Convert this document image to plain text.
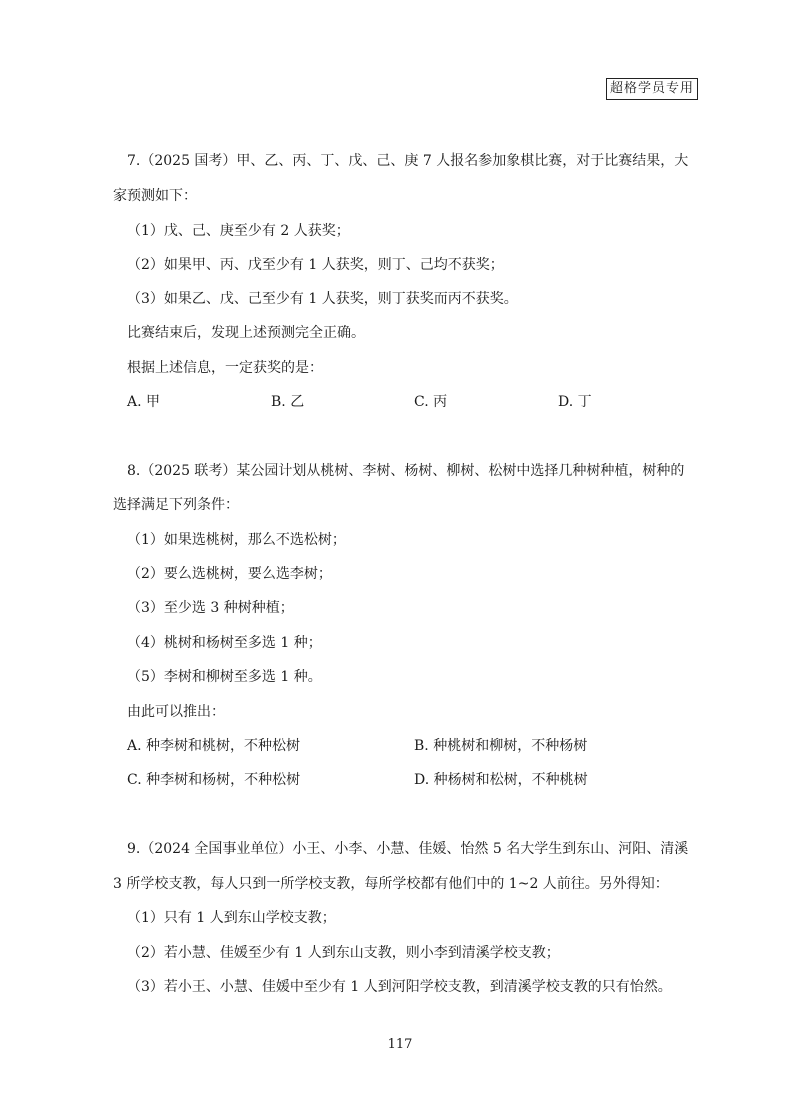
超格学员专用
7.（2025 国考）甲、乙、丙、丁、戊、己、庚 7 人报名参加象棋比赛，对于比赛结果，大
家预测如下：
（1）戊、己、庚至少有 2 人获奖；
（2）如果甲、丙、戊至少有 1 人获奖，则丁、己均不获奖；
（3）如果乙、戊、己至少有 1 人获奖，则丁获奖而丙不获奖。
比赛结束后，发现上述预测完全正确。
根据上述信息，一定获奖的是：
A. 甲	B. 乙	C. 丙	D. 丁
8.（2025 联考）某公园计划从桃树、李树、杨树、柳树、松树中选择几种树种植，树种的
选择满足下列条件：
（1）如果选桃树，那么不选松树；
（2）要么选桃树，要么选李树；
（3）至少选 3 种树种植；
（4）桃树和杨树至多选 1 种；
（5）李树和柳树至多选 1 种。
由此可以推出：
A. 种李树和桃树，不种松树	B. 种桃树和柳树，不种杨树
C. 种李树和杨树，不种松树	D. 种杨树和松树，不种桃树
9.（2024 全国事业单位）小王、小李、小慧、佳媛、怡然 5 名大学生到东山、河阳、清溪
3 所学校支教，每人只到一所学校支教，每所学校都有他们中的 1~2 人前往。另外得知：
（1）只有 1 人到东山学校支教；
（2）若小慧、佳媛至少有 1 人到东山支教，则小李到清溪学校支教；
（3）若小王、小慧、佳媛中至少有 1 人到河阳学校支教，到清溪学校支教的只有怡然。
117
